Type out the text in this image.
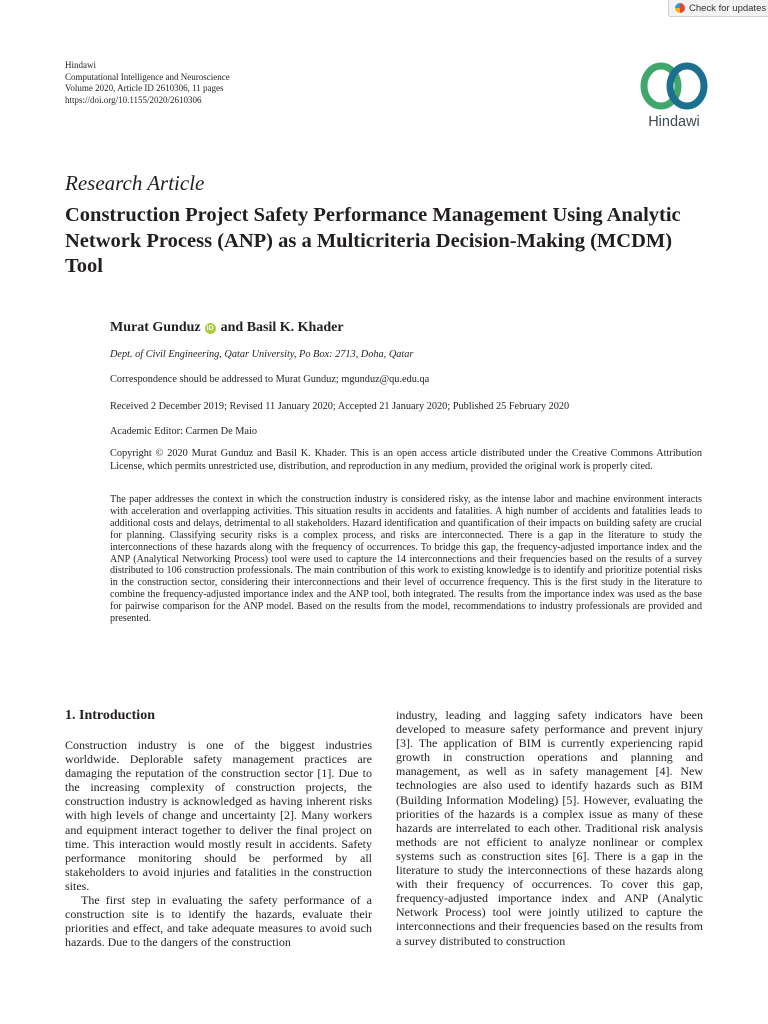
Check for updates
Hindawi
Computational Intelligence and Neuroscience
Volume 2020, Article ID 2610306, 11 pages
https://doi.org/10.1155/2020/2610306
Hindawi
Research Article
Construction Project Safety Performance Management Using Analytic Network Process (ANP) as a Multicriteria Decision-Making (MCDM) Tool
Murat Gunduz iD and Basil K. Khader
Dept. of Civil Engineering, Qatar University, Po Box: 2713, Doha, Qatar
Correspondence should be addressed to Murat Gunduz; mgunduz@qu.edu.qa
Received 2 December 2019; Revised 11 January 2020; Accepted 21 January 2020; Published 25 February 2020
Academic Editor: Carmen De Maio
Copyright © 2020 Murat Gunduz and Basil K. Khader. This is an open access article distributed under the Creative Commons Attribution License, which permits unrestricted use, distribution, and reproduction in any medium, provided the original work is properly cited.
The paper addresses the context in which the construction industry is considered risky, as the intense labor and machine environment interacts with acceleration and overlapping activities. This situation results in accidents and fatalities. A high number of accidents and fatalities leads to additional costs and delays, detrimental to all stakeholders. Hazard identification and quantification of their impacts on building safety are crucial for planning. Classifying security risks is a complex process, and risks are interconnected. There is a gap in the literature to study the interconnections of these hazards along with the frequency of occurrences. To bridge this gap, the frequency-adjusted importance index and the ANP (Analytical Networking Process) tool were used to capture the 14 interconnections and their frequencies based on the results of a survey distributed to 106 construction professionals. The main contribution of this work to existing knowledge is to identify and prioritize potential risks in the construction sector, considering their interconnections and their level of occurrence frequency. This is the first study in the literature to combine the frequency-adjusted importance index and the ANP tool, both integrated. The results from the importance index was used as the base for pairwise comparison for the ANP model. Based on the results from the model, recommendations to industry professionals are provided and presented.
1. Introduction

Construction industry is one of the biggest industries worldwide. Deplorable safety management practices are damaging the reputation of the construction sector [1]. Due to the increasing complexity of construction projects, the construction industry is acknowledged as having inherent risks with high levels of change and uncertainty [2]. Many workers and equipment interact together to deliver the final project on time. This interaction would mostly result in accidents. Safety performance monitoring should be performed by all stakeholders to avoid injuries and fatalities in the construction sites.

The first step in evaluating the safety performance of a construction site is to identify the hazards, evaluate their priorities and effect, and take adequate measures to avoid such hazards. Due to the dangers of the construction

industry, leading and lagging safety indicators have been developed to measure safety performance and prevent injury [3]. The application of BIM is currently experiencing rapid growth in construction operations and planning and management, as well as in safety management [4]. New technologies are also used to identify hazards such as BIM (Building Information Modeling) [5]. However, evaluating the priorities of the hazards is a complex issue as many of these hazards are interrelated to each other. Traditional risk analysis methods are not efficient to analyze nonlinear or complex systems such as construction sites [6]. There is a gap in the literature to study the interconnections of these hazards along with their frequency of occurrences. To cover this gap, frequency-adjusted importance index and ANP (Analytic Network Process) tool were jointly utilized to capture the interconnections and their frequencies based on the results from a survey distributed to construction
